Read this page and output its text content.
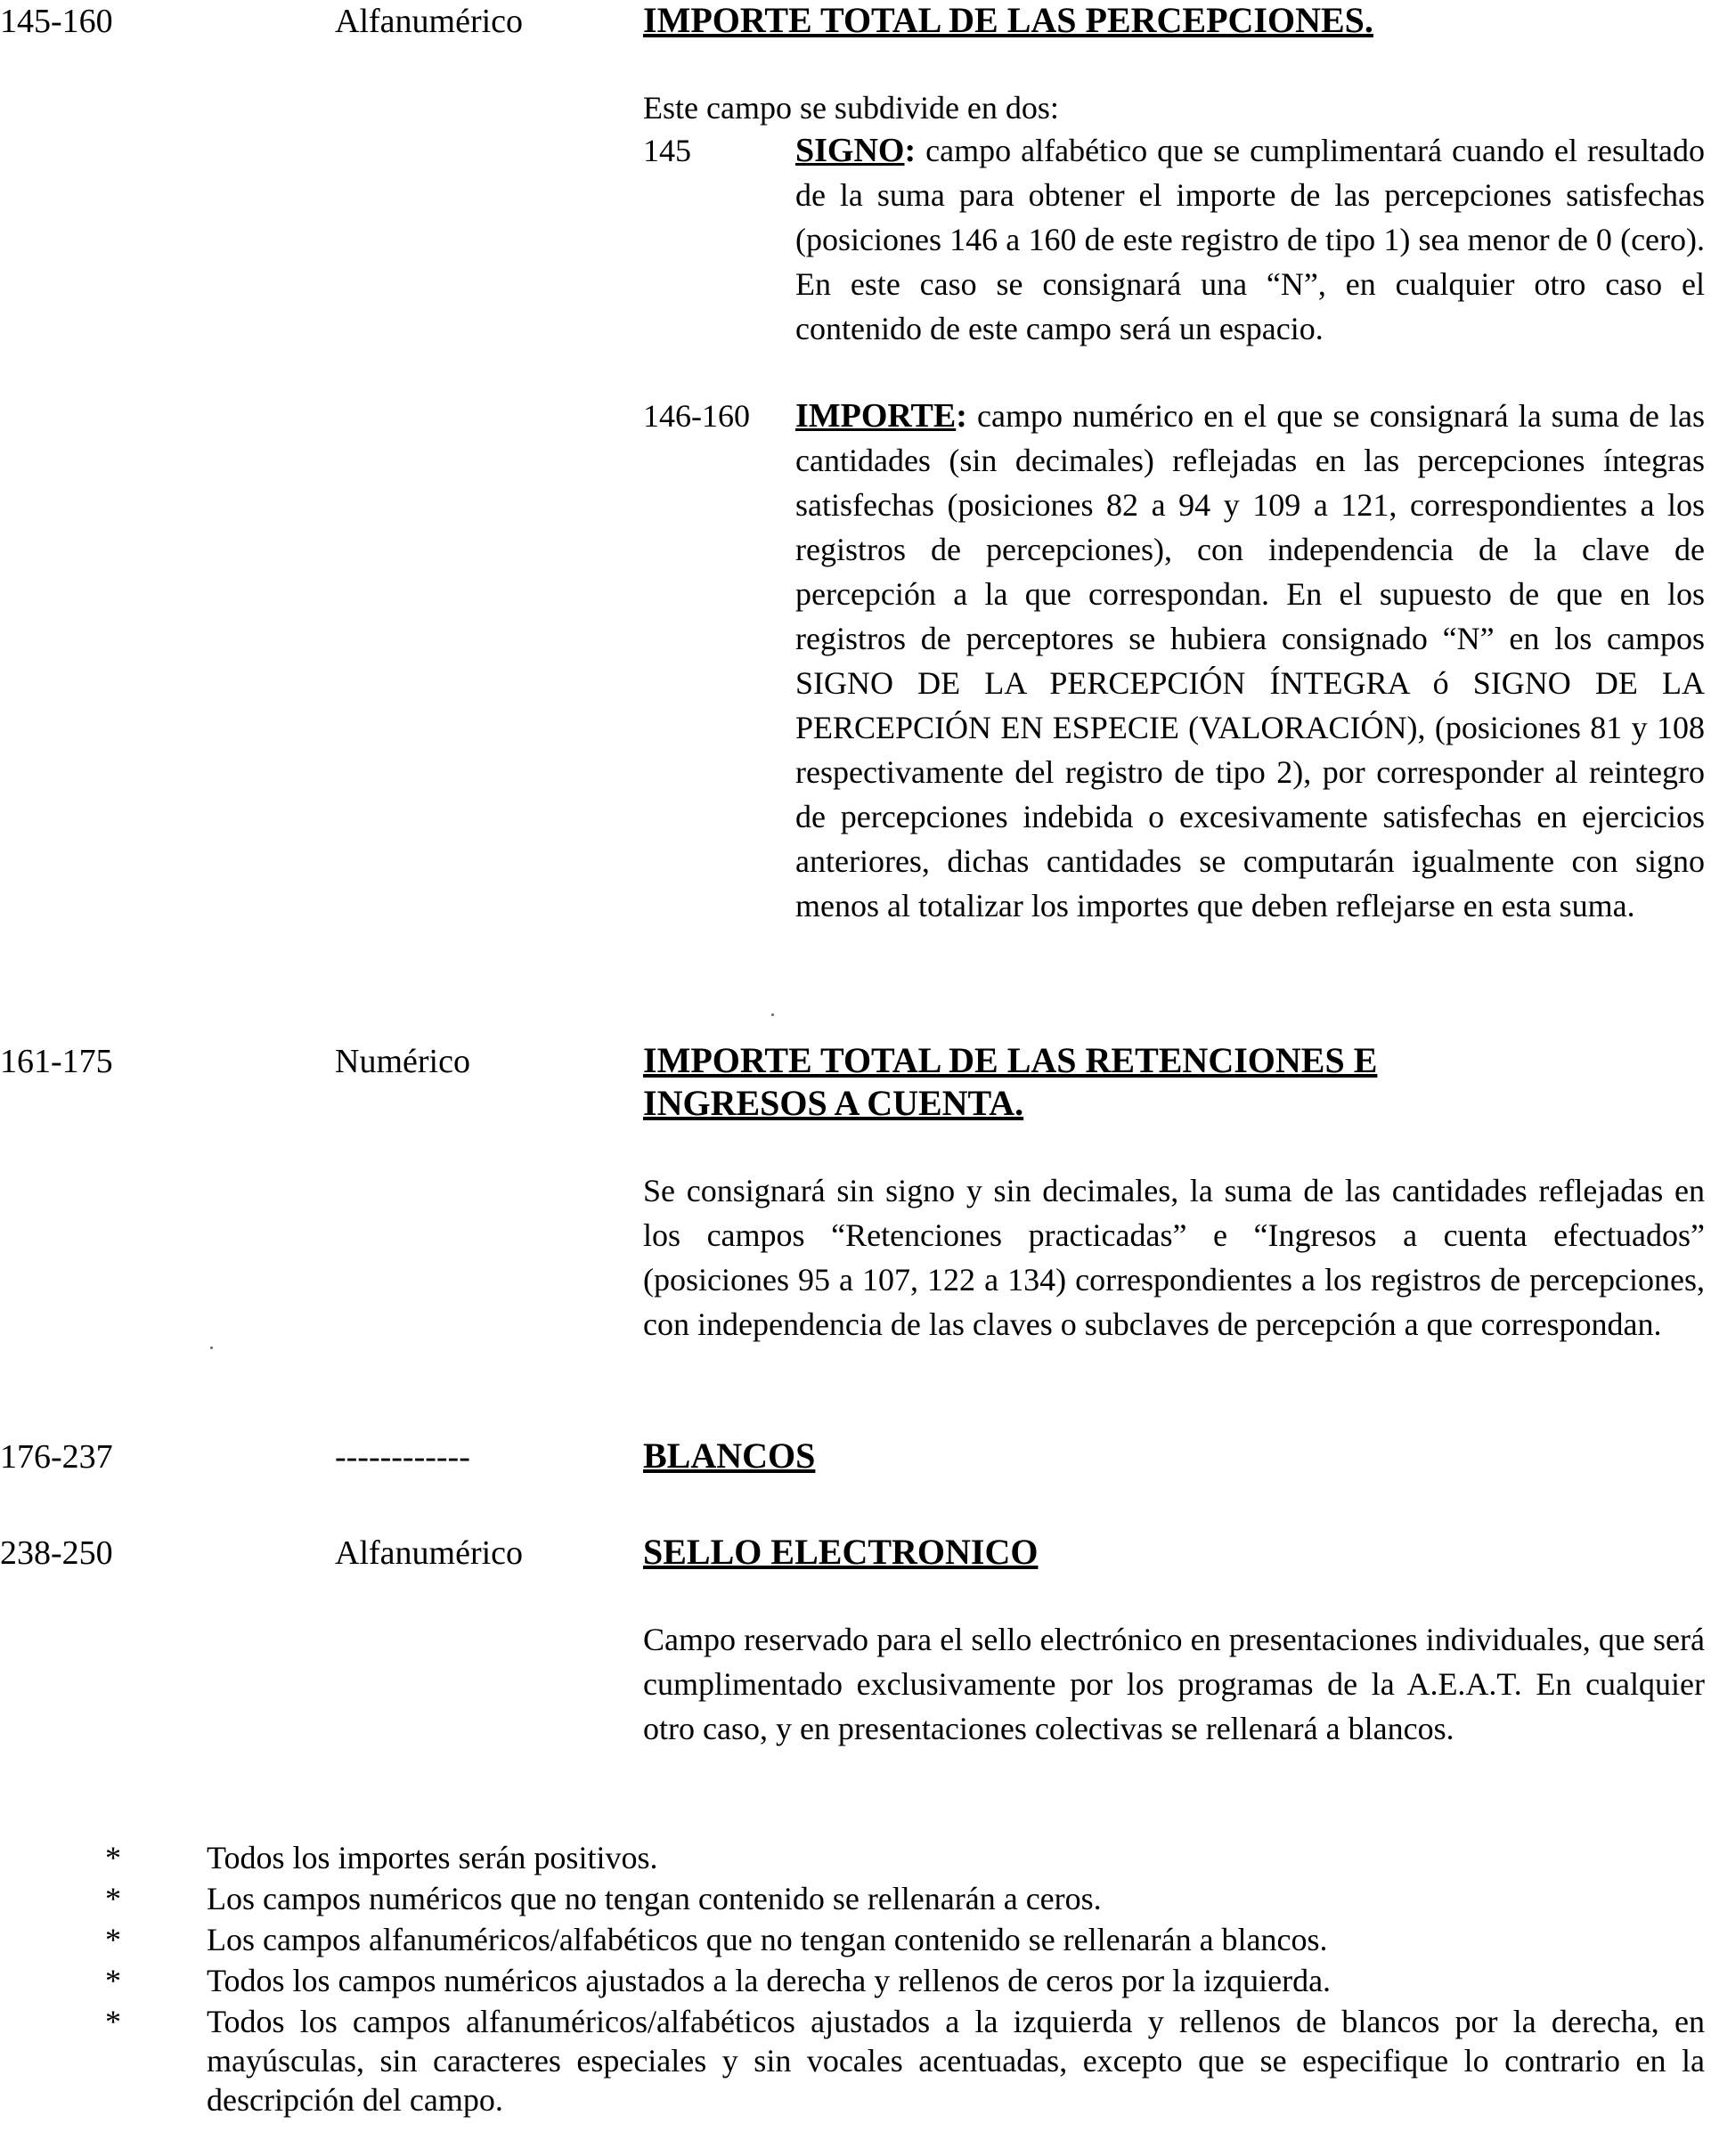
145-160	Alfanumérico	IMPORTE TOTAL DE LAS PERCEPCIONES.
Este campo se subdivide en dos:
145	SIGNO: campo alfabético que se cumplimentará cuando el resultado de la suma para obtener el importe de las percepciones satisfechas (posiciones 146 a 160 de este registro de tipo 1) sea menor de 0 (cero). En este caso se consignará una “N”, en cualquier otro caso el contenido de este campo será un espacio.
146-160 IMPORTE: campo numérico en el que se consignará la suma de las cantidades (sin decimales) reflejadas en las percepciones íntegras satisfechas (posiciones 82 a 94 y 109 a 121, correspondientes a los registros de percepciones), con independencia de la clave de percepción a la que correspondan. En el supuesto de que en los registros de perceptores se hubiera consignado “N” en los campos SIGNO DE LA PERCEPCIÓN ÍNTEGRA ó SIGNO DE LA PERCEPCIÓN EN ESPECIE (VALORACIÓN), (posiciones 81 y 108 respectivamente del registro de tipo 2), por corresponder al reintegro de percepciones indebida o excesivamente satisfechas en ejercicios anteriores, dichas cantidades se computarán igualmente con signo menos al totalizar los importes que deben reflejarse en esta suma.
161-175	Numérico	IMPORTE TOTAL DE LAS RETENCIONES E
INGRESOS A CUENTA.
Se consignará sin signo y sin decimales, la suma de las cantidades reflejadas en los campos “Retenciones practicadas” e “Ingresos a cuenta efectuados” (posiciones 95 a 107, 122 a 134) correspondientes a los registros de percepciones, con independencia de las claves o subclaves de percepción a que correspondan.
176-237	------------	BLANCOS
238-250	Alfanumérico	SELLO ELECTRONICO
Campo reservado para el sello electrónico en presentaciones individuales, que será cumplimentado exclusivamente por los programas de la A.E.A.T. En cualquier otro caso, y en presentaciones colectivas se rellenará a blancos.
*	Todos los importes serán positivos.
*	Los campos numéricos que no tengan contenido se rellenarán a ceros.
*	Los campos alfanuméricos/alfabéticos que no tengan contenido se rellenarán a blancos.
*	Todos los campos numéricos ajustados a la derecha y rellenos de ceros por la izquierda.
*	Todos los campos alfanuméricos/alfabéticos ajustados a la izquierda y rellenos de blancos por la derecha, en mayúsculas, sin caracteres especiales y sin vocales acentuadas, excepto que se especifique lo contrario en la descripción del campo.
